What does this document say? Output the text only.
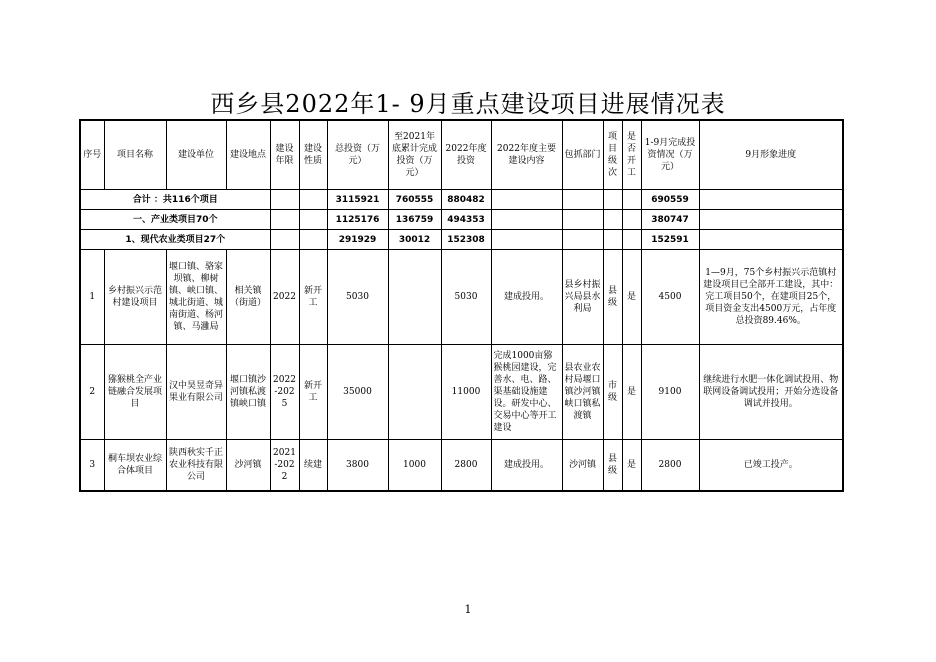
西乡县2022年1- 9月重点建设项目进展情况表
序号	项目名称	建设单位	建设地点	建设年限	建设性质	总投资（万元）	至2021年底累计完成投资（万元）	2022年度投资	2022年度主要建设内容	包抓部门	项目级次	是否开工	1-9月完成投资情况（万元）	9月形象进度
合计 ：共116个项目						3115921	760555	880482					690559	
一、产业类项目70个						1125176	136759	494353					380747	
1、现代农业类项目27个						291929	30012	152308					152591	
1	乡村振兴示范村建设项目	堰口镇、骆家坝镇、柳树镇、峡口镇、城北街道、城南街道、杨河镇、马灉局	相关镇（街道）	2022	新开工	5030		5030	建成投用。	县乡村振兴局县水利局	县级	是	4500	1—9月，75个乡村振兴示范镇村建设项目已全部开工建设，其中：完工项目50个，在建项目25个，项目资金支出4500万元，占年度总投资89.46%。
2	猕猴桃全产业链融合发展项目	汉中昊昱奇异果业有限公司	堰口镇沙河镇私渡镇峡口镇	2022-2025	新开工	35000		11000	完成1000亩猕猴桃园建设，完善水、电、路、渠基础设施建设。研发中心、交易中心等开工建设	县农业农村局堰口镇沙河镇峡口镇私渡镇	市级	是	9100	继续进行水肥一体化调试投用、物联网设备调试投用；开始分选设备调试并投用。
3	桐车坝农业综合体项目	陕西秋实千正农业科技有限公司	沙河镇	2021-2022	续建	3800	1000	2800	建成投用。	沙河镇	县级	是	2800	已竣工投产。
1
